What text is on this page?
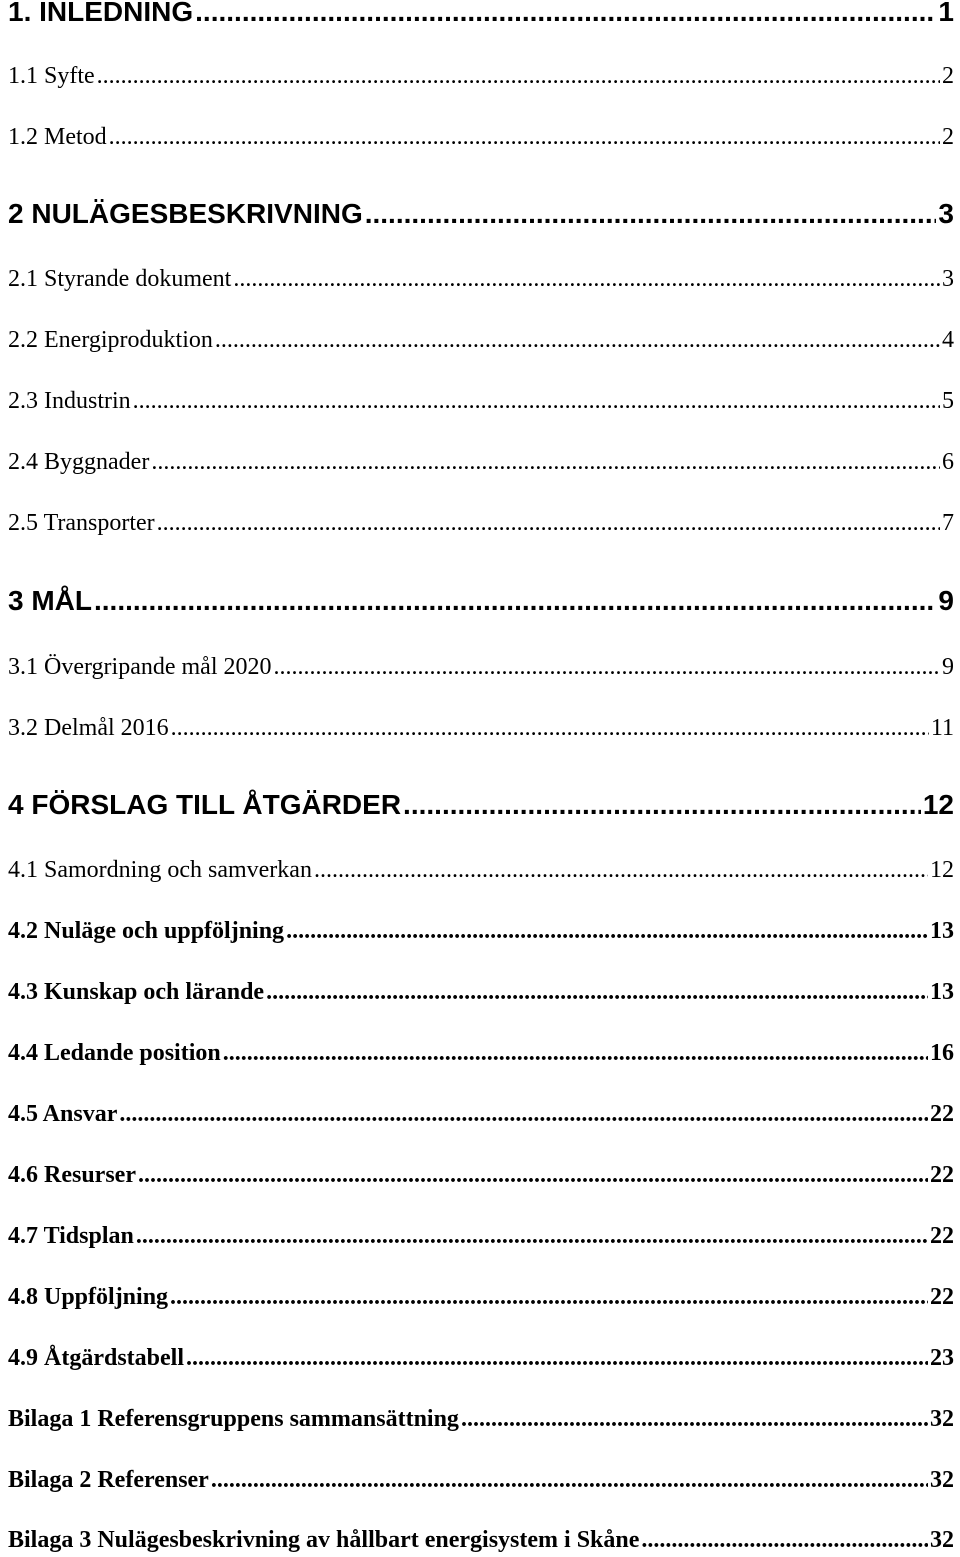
1. INLEDNING .....	1
1.1 Syfte .....	2
1.2 Metod .....	2
2 NULÄGESBESKRIVNING .....	3
2.1 Styrande dokument .....	3
2.2 Energiproduktion .....	4
2.3 Industrin .....	5
2.4 Byggnader .....	6
2.5 Transporter .....	7
3 MÅL .....	9
3.1 Övergripande mål 2020 .....	9
3.2 Delmål 2016 .....	11
4 FÖRSLAG TILL ÅTGÄRDER .....	12
4.1 Samordning och samverkan .....	12
4.2 Nuläge och uppföljning .....	13
4.3 Kunskap och lärande .....	13
4.4 Ledande position .....	16
4.5 Ansvar .....	22
4.6 Resurser .....	22
4.7 Tidsplan .....	22
4.8 Uppföljning .....	22
4.9 Åtgärdstabell .....	23
Bilaga 1 Referensgruppens sammansättning .....	32
Bilaga 2 Referenser .....	32
Bilaga 3 Nulägesbeskrivning av hållbart energisystem i Skåne .....	32
